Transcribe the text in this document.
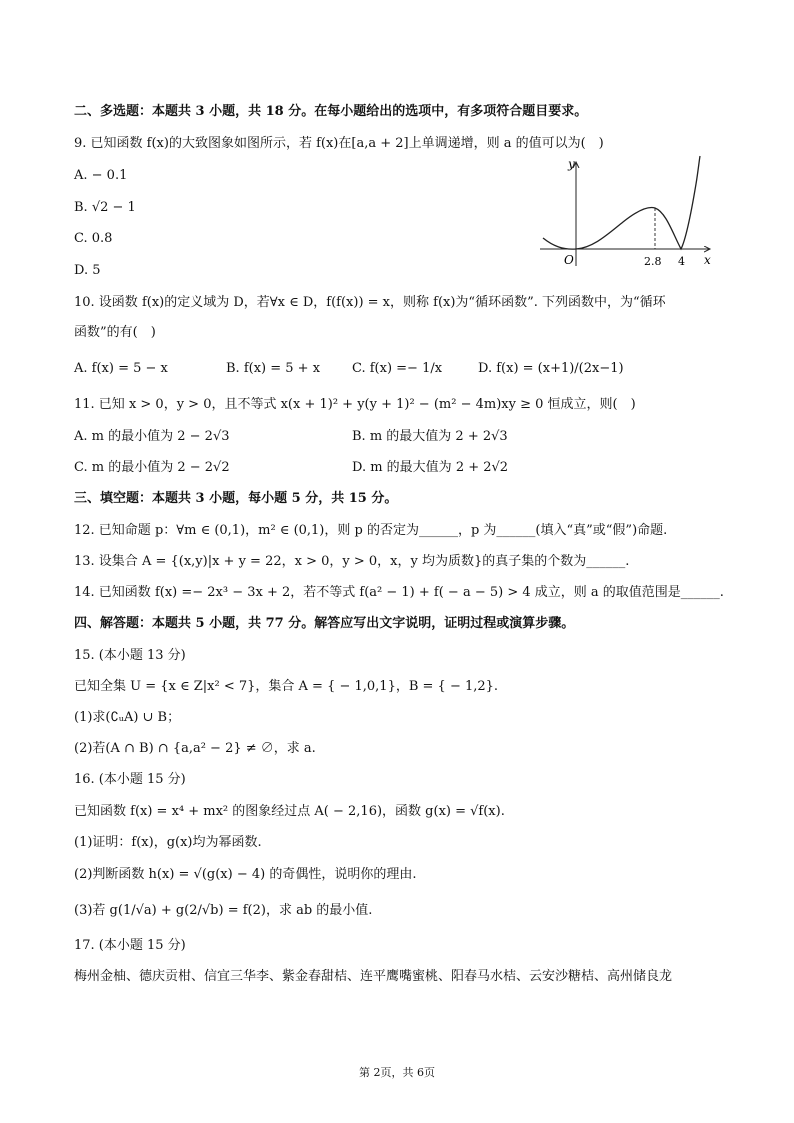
二、多选题：本题共 3 小题，共 18 分。在每小题给出的选项中，有多项符合题目要求。
9. 已知函数 f(x)的大致图象如图所示，若 f(x)在[a,a + 2]上单调递增，则 a 的值可以为(　)
A. − 0.1
B. √2 − 1
C. 0.8
D. 5
y
x
O	2.8 4
10. 设函数 f(x)的定义域为 D，若∀x ∈ D，f(f(x)) = x，则称 f(x)为“循环函数”. 下列函数中，为“循环
函数”的有(　)
A. f(x) = 5 − x	B. f(x) = 5 + x C. f(x) =− 1/x	D. f(x) = (x+1)/(2x−1)
11. 已知 x > 0，y > 0，且不等式 x(x + 1)² + y(y + 1)² − (m² − 4m)xy ≥ 0 恒成立，则(　)
A. m 的最小值为 2 − 2√3	B. m 的最大值为 2 + 2√3
C. m 的最小值为 2 − 2√2	D. m 的最大值为 2 + 2√2
三、填空题：本题共 3 小题，每小题 5 分，共 15 分。
12. 已知命题 p：∀m ∈ (0,1)，m² ∈ (0,1)，则 p 的否定为______，p 为______(填入“真”或“假”)命题.
13. 设集合 A = {(x,y)|x + y = 22，x > 0，y > 0，x，y 均为质数}的真子集的个数为______.
14. 已知函数 f(x) =− 2x³ − 3x + 2，若不等式 f(a² − 1) + f( − a − 5) > 4 成立，则 a 的取值范围是______.
四、解答题：本题共 5 小题，共 77 分。解答应写出文字说明，证明过程或演算步骤。
15. (本小题 13 分)
已知全集 U = {x ∈ Z|x² < 7}，集合 A = { − 1,0,1}，B = { − 1,2}.
(1)求(∁ᵤA) ∪ B；
(2)若(A ∩ B) ∩ {a,a² − 2} ≠ ∅，求 a.
16. (本小题 15 分)
已知函数 f(x) = x⁴ + mx² 的图象经过点 A( − 2,16)，函数 g(x) = √f(x).
(1)证明：f(x)，g(x)均为幂函数.
(2)判断函数 h(x) = √(g(x) − 4) 的奇偶性，说明你的理由.
(3)若 g(1/√a) + g(2/√b) = f(2)，求 ab 的最小值.
17. (本小题 15 分)
梅州金柚、德庆贡柑、信宜三华李、紫金春甜桔、连平鹰嘴蜜桃、阳春马水桔、云安沙糖桔、高州储良龙
第 2页，共 6页
